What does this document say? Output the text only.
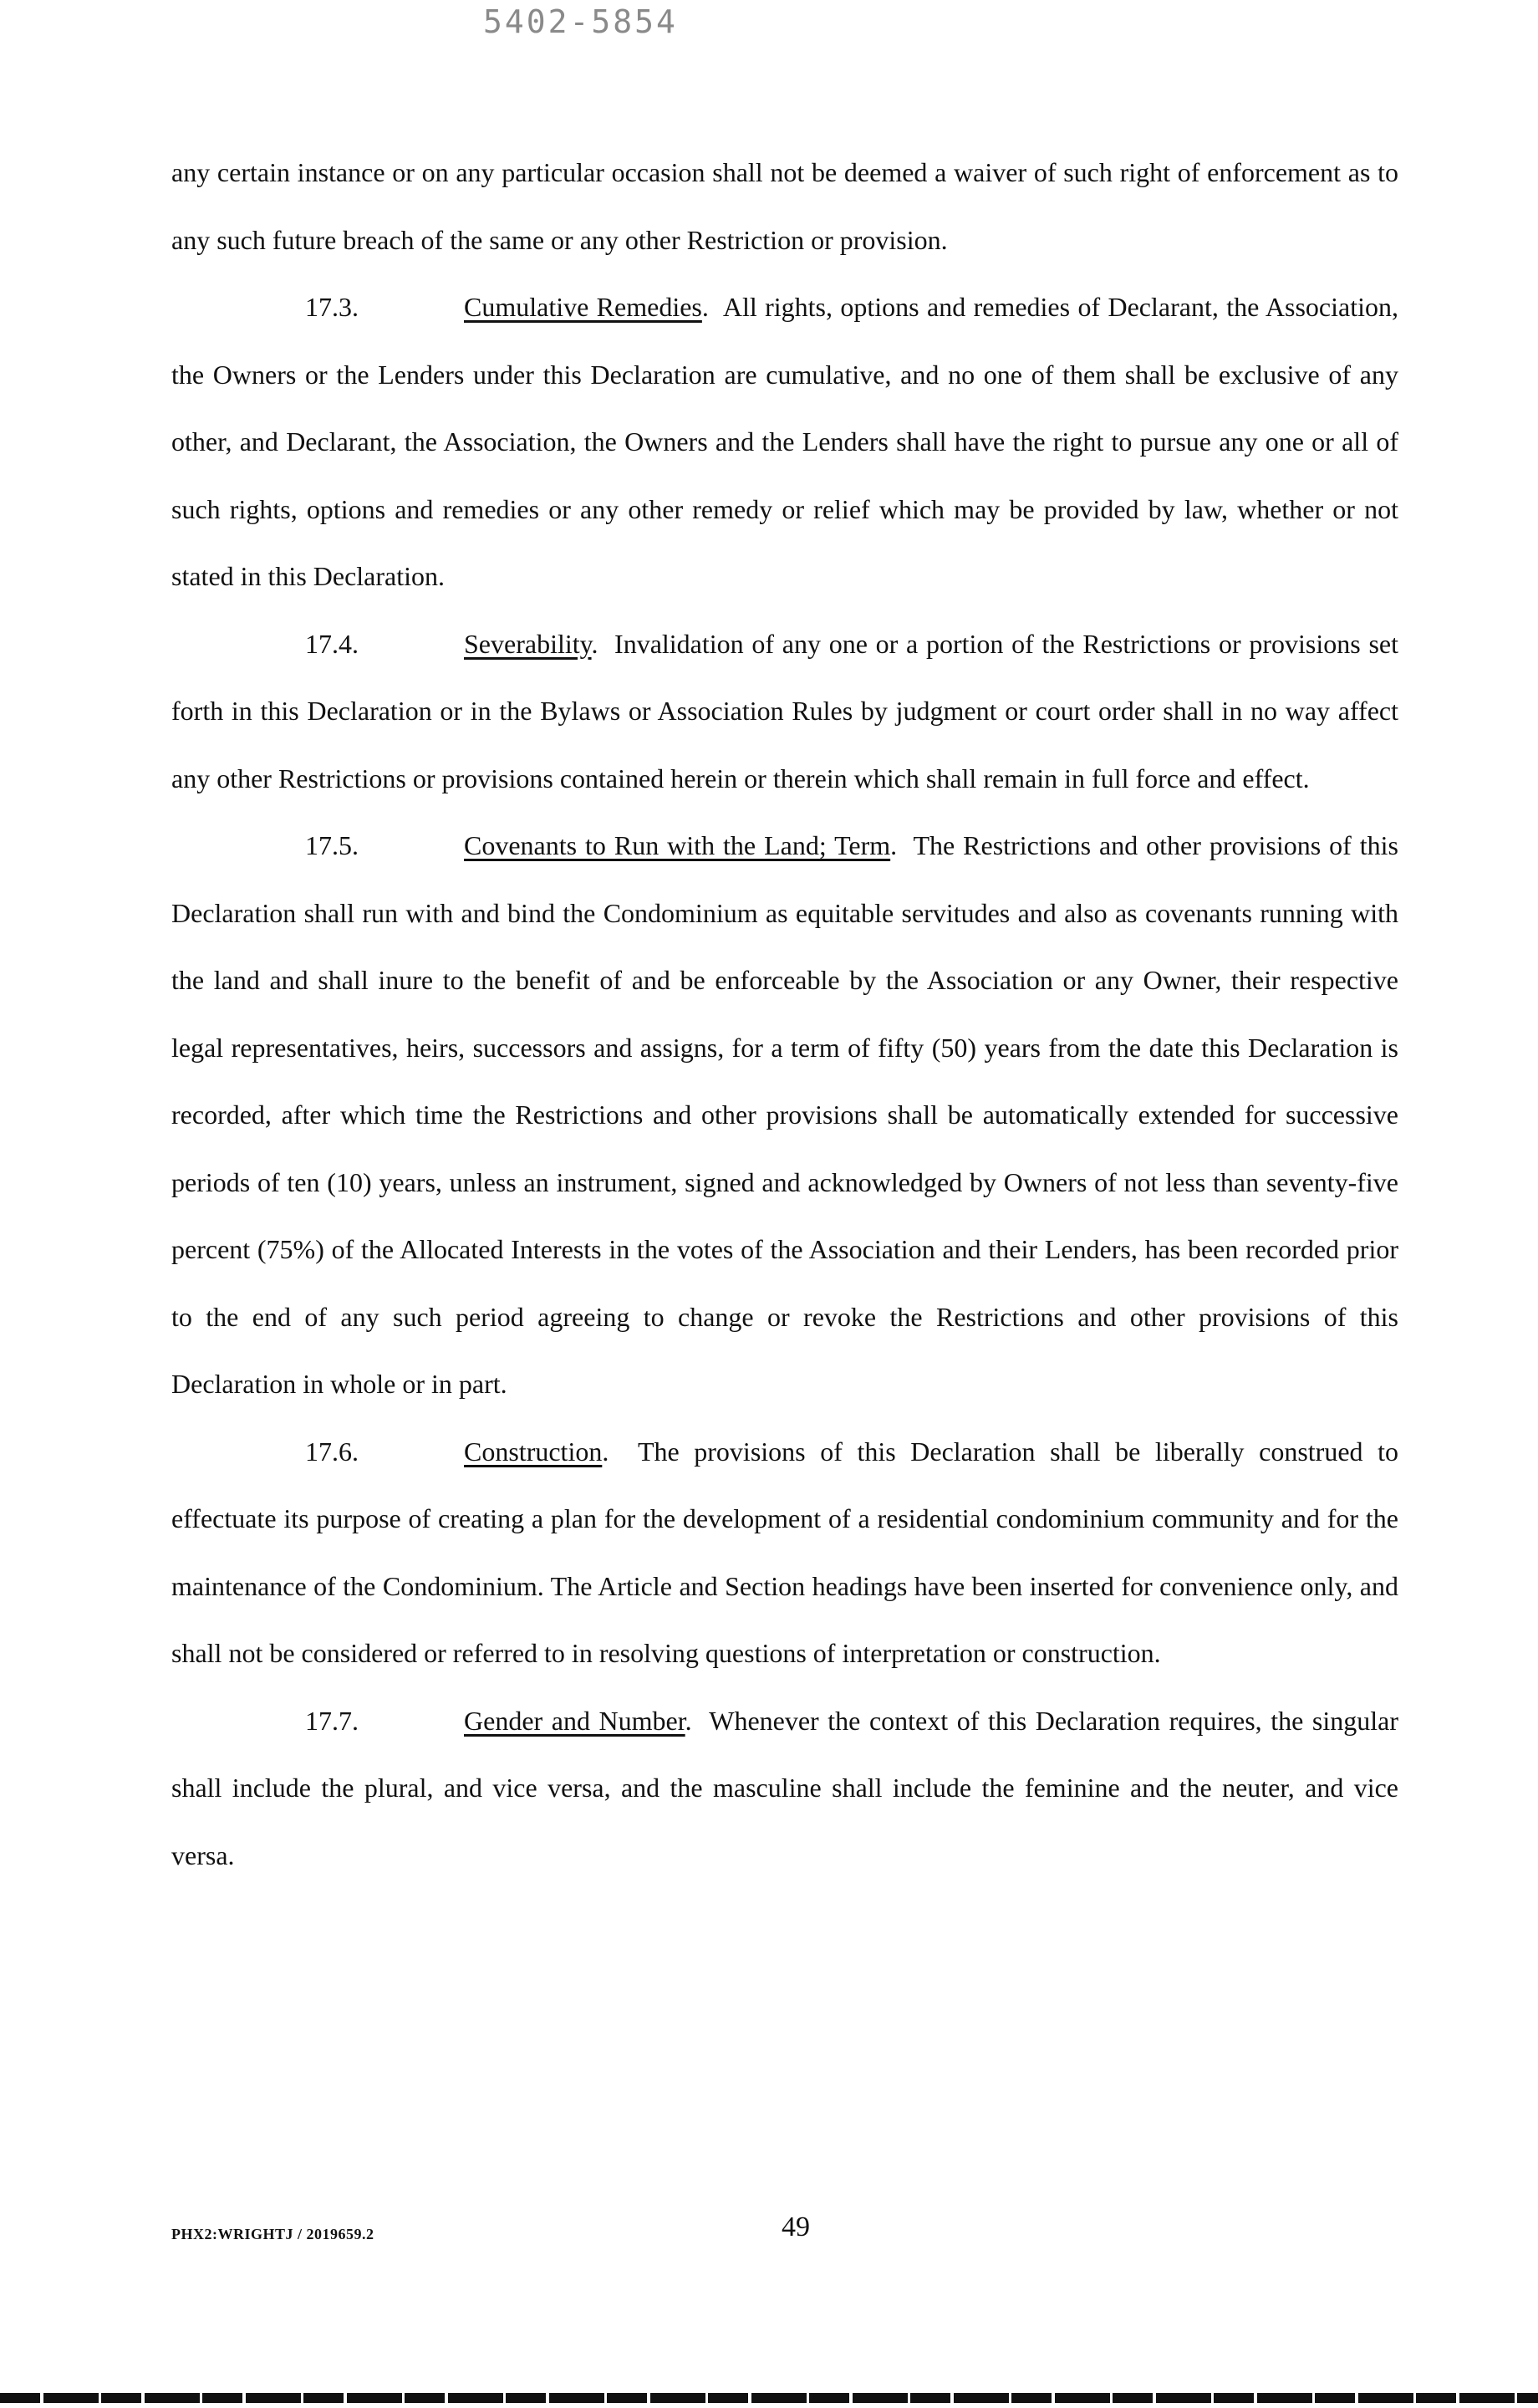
5402-5854

any certain instance or on any particular occasion shall not be deemed a waiver of such right of enforcement as to any such future breach of the same or any other Restriction or provision.

17.3.	Cumulative Remedies.  All rights, options and remedies of Declarant, the Association, the Owners or the Lenders under this Declaration are cumulative, and no one of them shall be exclusive of any other, and Declarant, the Association, the Owners and the Lenders shall have the right to pursue any one or all of such rights, options and remedies or any other remedy or relief which may be provided by law, whether or not stated in this Declaration.

17.4.	Severability.  Invalidation of any one or a portion of the Restrictions or provisions set forth in this Declaration or in the Bylaws or Association Rules by judgment or court order shall in no way affect any other Restrictions or provisions contained herein or therein which shall remain in full force and effect.

17.5.	Covenants to Run with the Land; Term.  The Restrictions and other provisions of this Declaration shall run with and bind the Condominium as equitable servitudes and also as covenants running with the land and shall inure to the benefit of and be enforceable by the Association or any Owner, their respective legal representatives, heirs, successors and assigns, for a term of fifty (50) years from the date this Declaration is recorded, after which time the Restrictions and other provisions shall be automatically extended for successive periods of ten (10) years, unless an instrument, signed and acknowledged by Owners of not less than seventy-five percent (75%) of the Allocated Interests in the votes of the Association and their Lenders, has been recorded prior to the end of any such period agreeing to change or revoke the Restrictions and other provisions of this Declaration in whole or in part.

17.6.	Construction.  The provisions of this Declaration shall be liberally construed to effectuate its purpose of creating a plan for the development of a residential condominium community and for the maintenance of the Condominium. The Article and Section headings have been inserted for convenience only, and shall not be considered or referred to in resolving questions of interpretation or construction.

17.7.	Gender and Number.  Whenever the context of this Declaration requires, the singular shall include the plural, and vice versa, and the masculine shall include the feminine and the neuter, and vice versa.

PHX2:WRIGHTJ / 2019659.2	49
